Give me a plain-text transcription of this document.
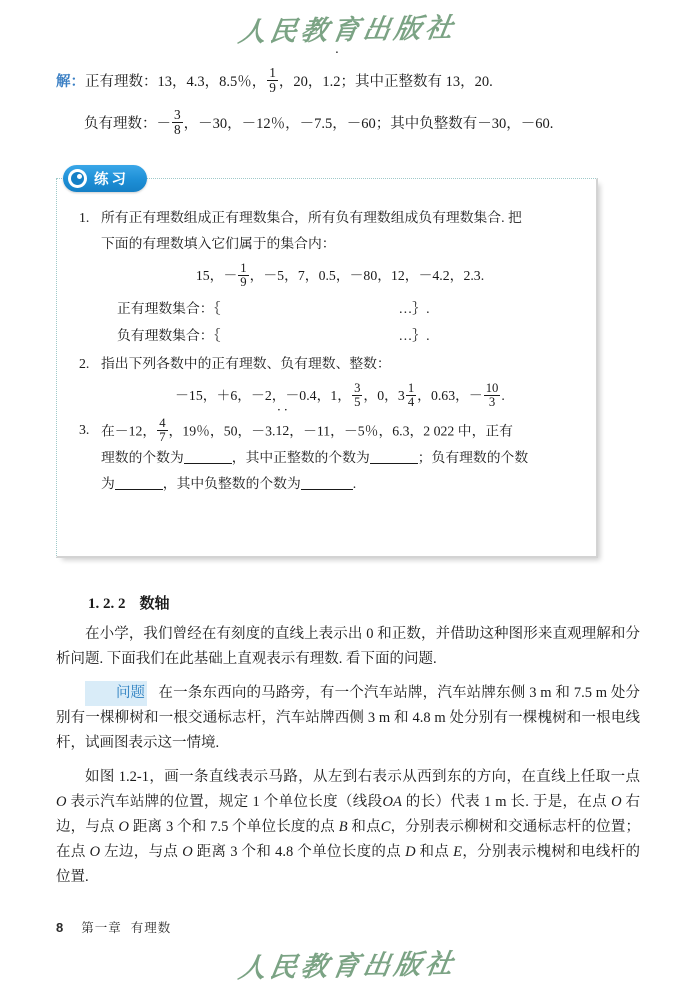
人民教育出版社

解：正有理数：13，4.3，8.5％， $\frac{1}{9}$ ，20，1.2 ˙；其中正整数有 13，20.

负有理数：－ $\frac{3}{8}$ ，－30，－12％，－7.5，－60；其中负整数有－30，－60.

练习
1. 所有正有理数组成正有理数集合，所有负有理数组成负有理数集合. 把
下面的有理数填入它们属于的集合内：
15，－ $\frac{1}{9}$ ，－5，7，0.5，－80，12，－4.2，2.3.
正有理数集合：｛	…｝.
负有理数集合：｛	…｝.
2. 指出下列各数中的正有理数、负有理数、整数：
－15，＋6，－2，－0.4 ˙，1， $\frac{3}{5}$ ，0，$3 \frac{1}{4}$ ，0.63，－ $\frac{10}{3}$ .
3. 在－12， $\frac{4}{7}$ ，19％，50，－3.1 ˙2 ˙，－11，－5％，6.3，2 022 中，正有
理数的个数为	，其中正整数的个数为	；负有理数的个数
为	，其中负整数的个数为	.

1. 2. 2 数轴

在小学，我们曾经在有刻度的直线上表示出 0 和正数，并借助这种图形来直观理解和分析问题. 下面我们在此基础上直观表示有理数. 看下面的问题.

问题 在一条东西向的马路旁，有一个汽车站牌，汽车站牌东侧 3 m 和 7.5 m 处分别有一棵柳树和一根交通标志杆，汽车站牌西侧 3 m 和 4.8 m 处分别有一棵槐树和一根电线杆，试画图表示这一情境.

如图 1.2-1，画一条直线表示马路，从左到右表示从西到东的方向，在直线上任取一点 O 表示汽车站牌的位置，规定 1 个单位长度（线段OA 的长）代表 1 m 长. 于是，在点 O 右边，与点 O 距离 3 个和 7.5 个单位长度的点 B 和点C，分别表示柳树和交通标志杆的位置；在点 O 左边，与点 O 距离 3 个和 4.8 个单位长度的点 D 和点 E，分别表示槐树和电线杆的位置.

8 第一章 有理数
人民教育出版社
